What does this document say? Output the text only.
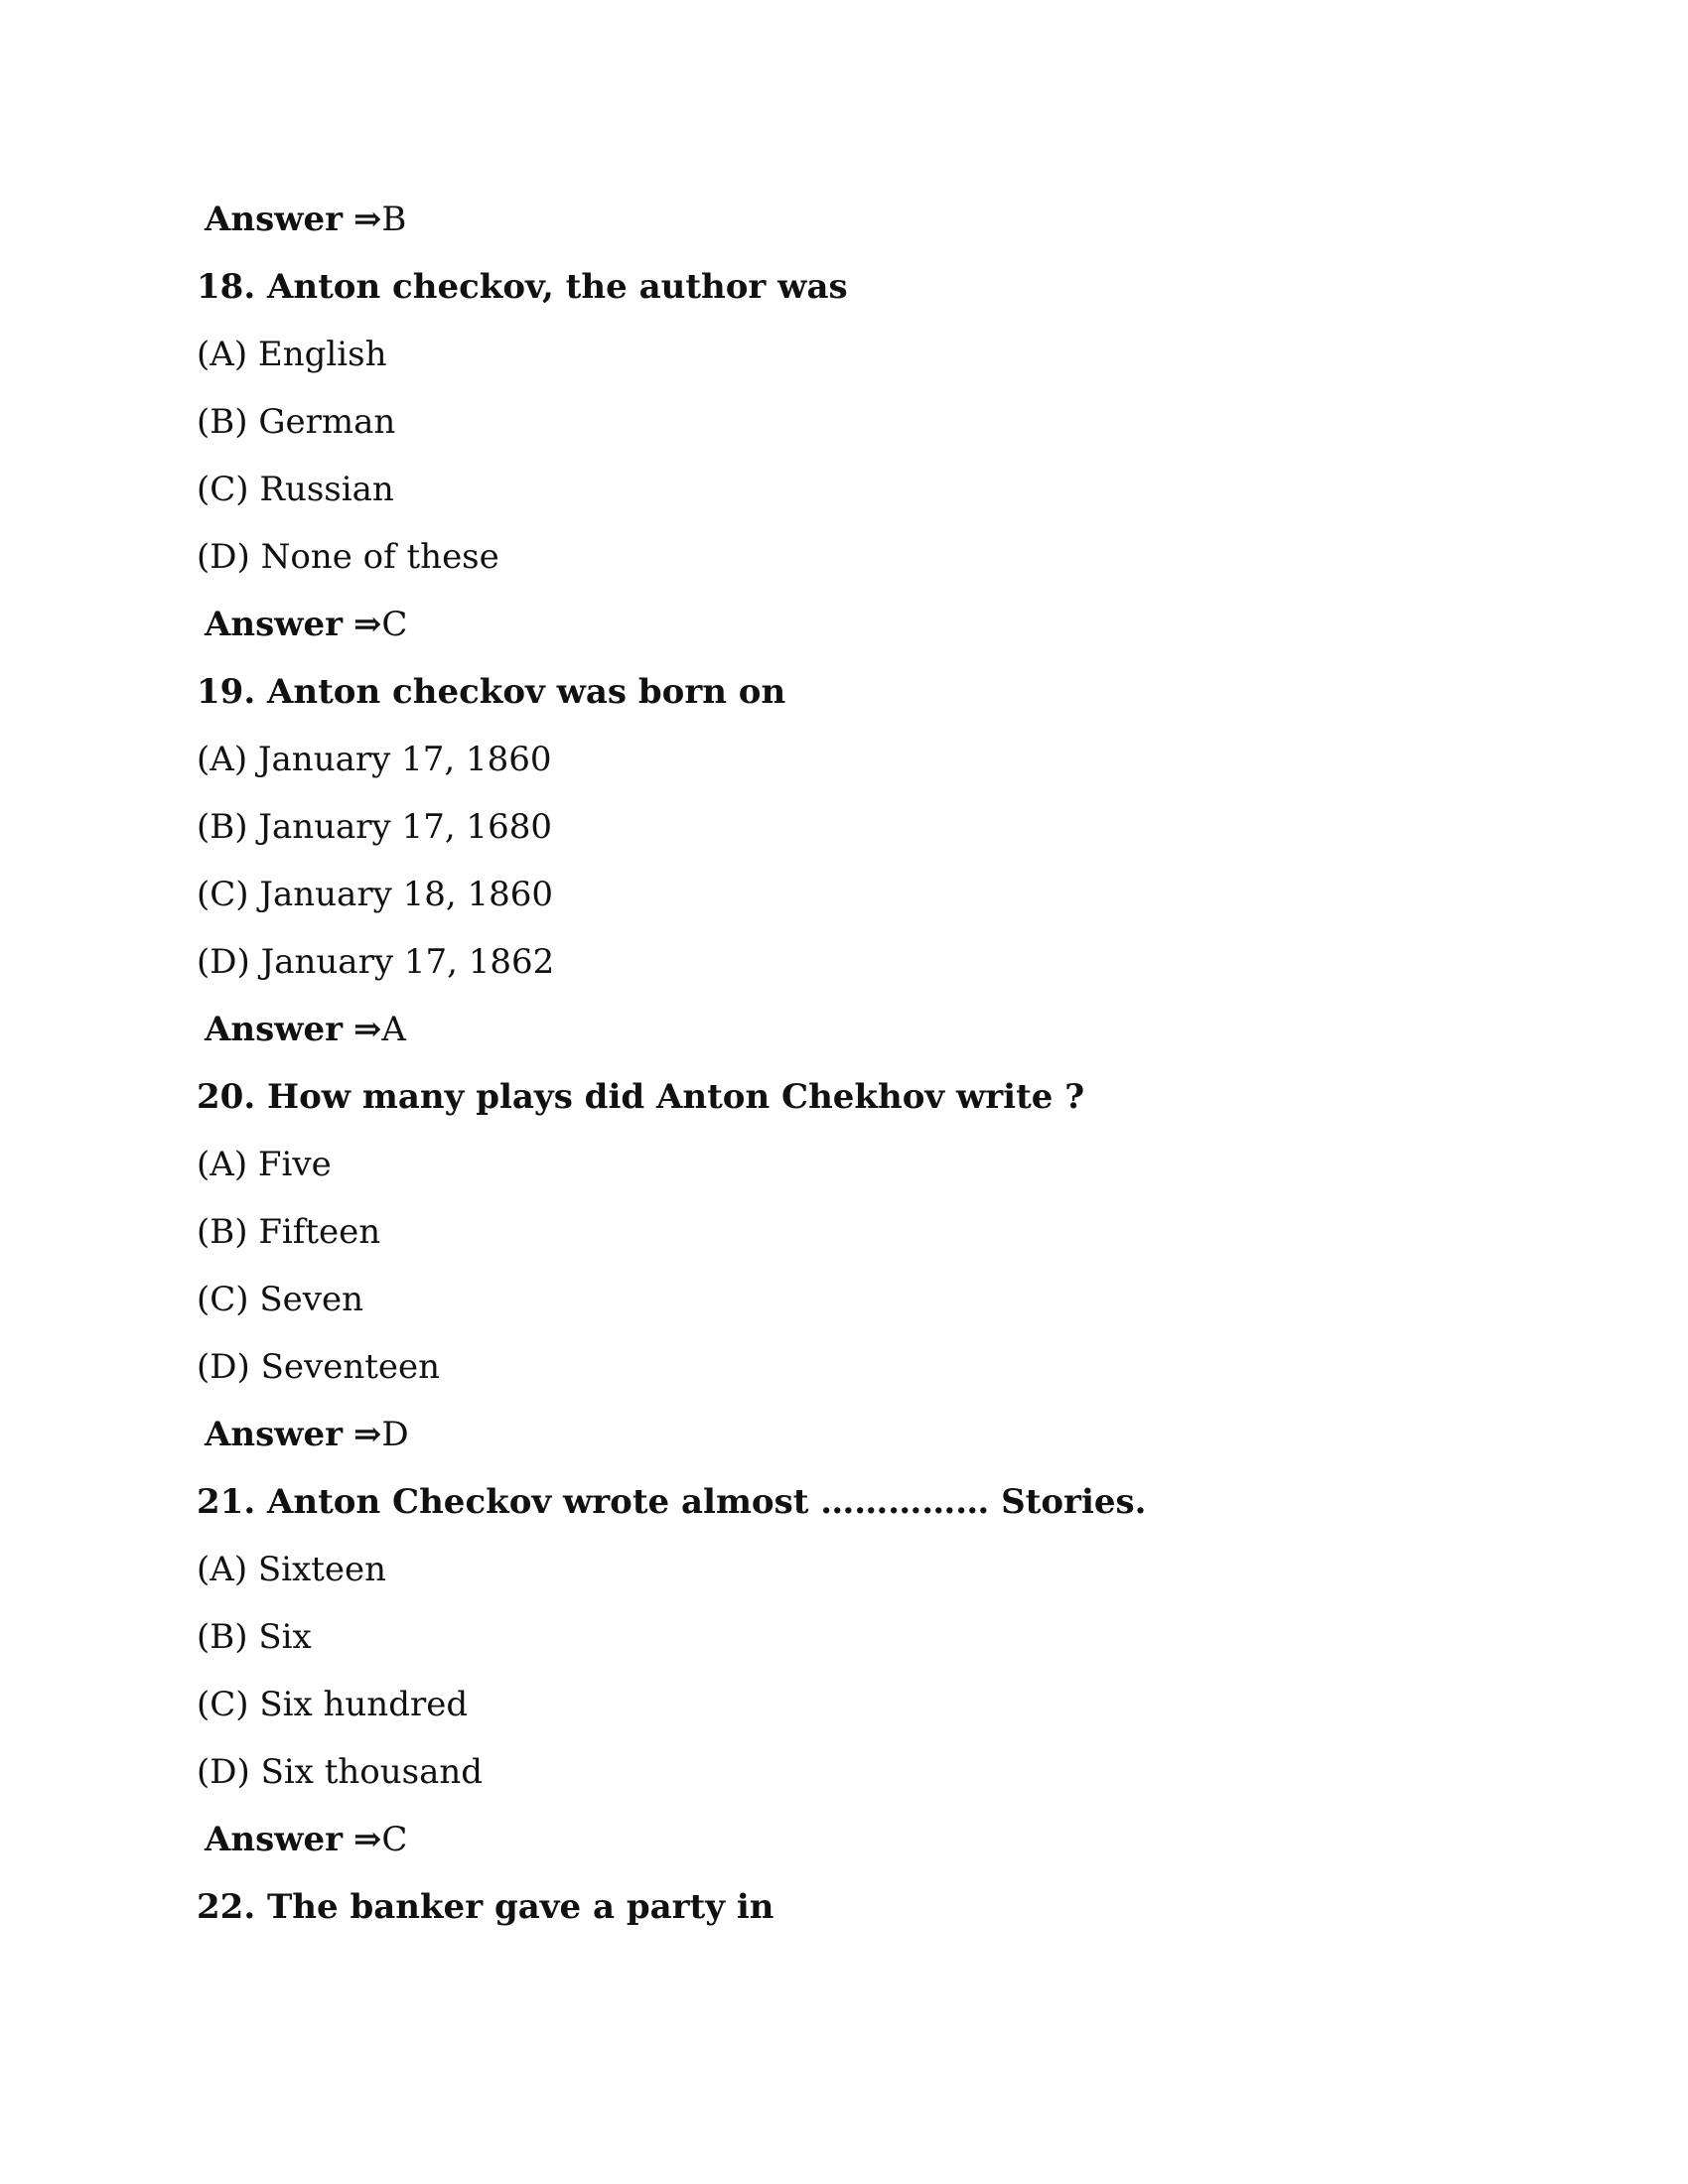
Answer ⇒B
18. Anton checkov, the author was
(A) English
(B) German
(C) Russian
(D) None of these
Answer ⇒C
19. Anton checkov was born on
(A) January 17, 1860
(B) January 17, 1680
(C) January 18, 1860
(D) January 17, 1862
Answer ⇒A
20. How many plays did Anton Chekhov write ?
(A) Five
(B) Fifteen
(C) Seven
(D) Seventeen
Answer ⇒D
21. Anton Checkov wrote almost …………… Stories.
(A) Sixteen
(B) Six
(C) Six hundred
(D) Six thousand
Answer ⇒C
22. The banker gave a party in
